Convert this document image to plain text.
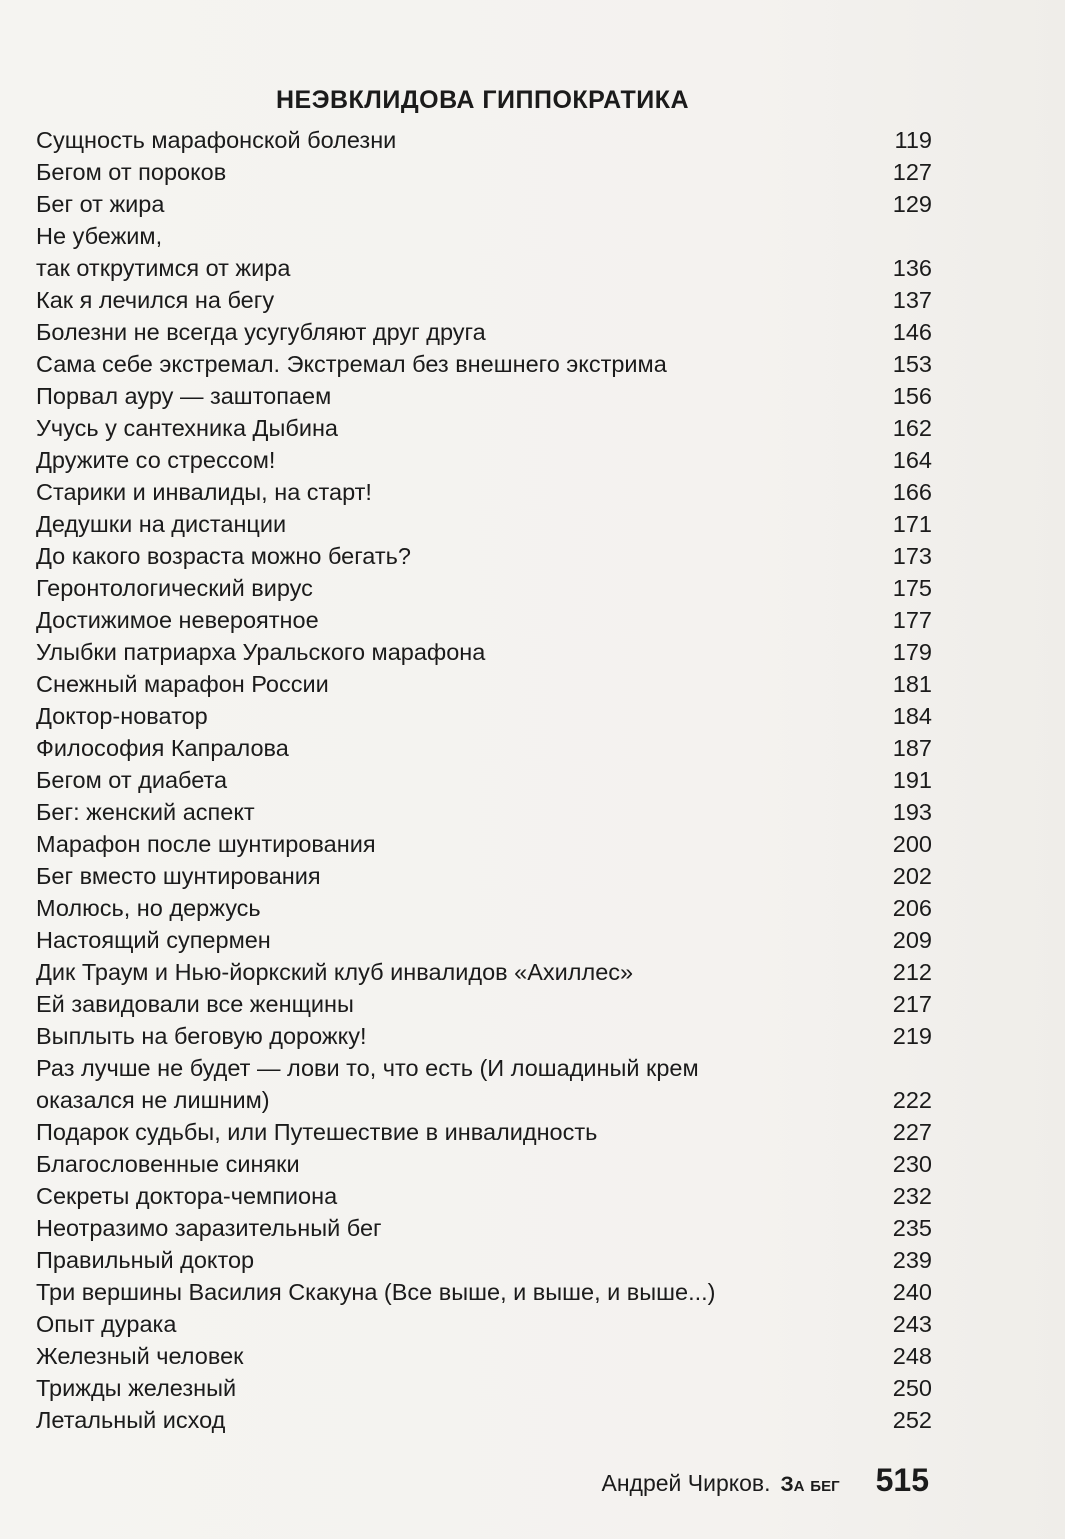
НЕЭВКЛИДОВА ГИППОКРАТИКА
Сущность марафонской болезни	119
Бегом от пороков	127
Бег от жира	129
Не убежим,
так открутимся от жира	136
Как я лечился на бегу	137
Болезни не всегда усугубляют друг друга	146
Сама себе экстремал. Экстремал без внешнего экстрима	153
Порвал ауру — заштопаем	156
Учусь у сантехника Дыбина	162
Дружите со стрессом!	164
Старики и инвалиды, на старт!	166
Дедушки на дистанции	171
До какого возраста можно бегать?	173
Геронтологический вирус	175
Достижимое невероятное	177
Улыбки патриарха Уральского марафона	179
Снежный марафон России	181
Доктор-новатор	184
Философия Капралова	187
Бегом от диабета	191
Бег: женский аспект	193
Марафон после шунтирования	200
Бег вместо шунтирования	202
Молюсь, но держусь	206
Настоящий супермен	209
Дик Траум и Нью-йоркский клуб инвалидов «Ахиллес»	212
Ей завидовали все женщины	217
Выплыть на беговую дорожку!	219
Раз лучше не будет — лови то, что есть (И лошадиный крем
оказался не лишним)	222
Подарок судьбы, или Путешествие в инвалидность	227
Благословенные синяки	230
Секреты доктора-чемпиона	232
Неотразимо заразительный бег	235
Правильный доктор	239
Три вершины Василия Скакуна (Все выше, и выше, и выше...)	240
Опыт дурака	243
Железный человек	248
Трижды железный	250
Летальный исход	252
Андрей Чирков. За бег 515
